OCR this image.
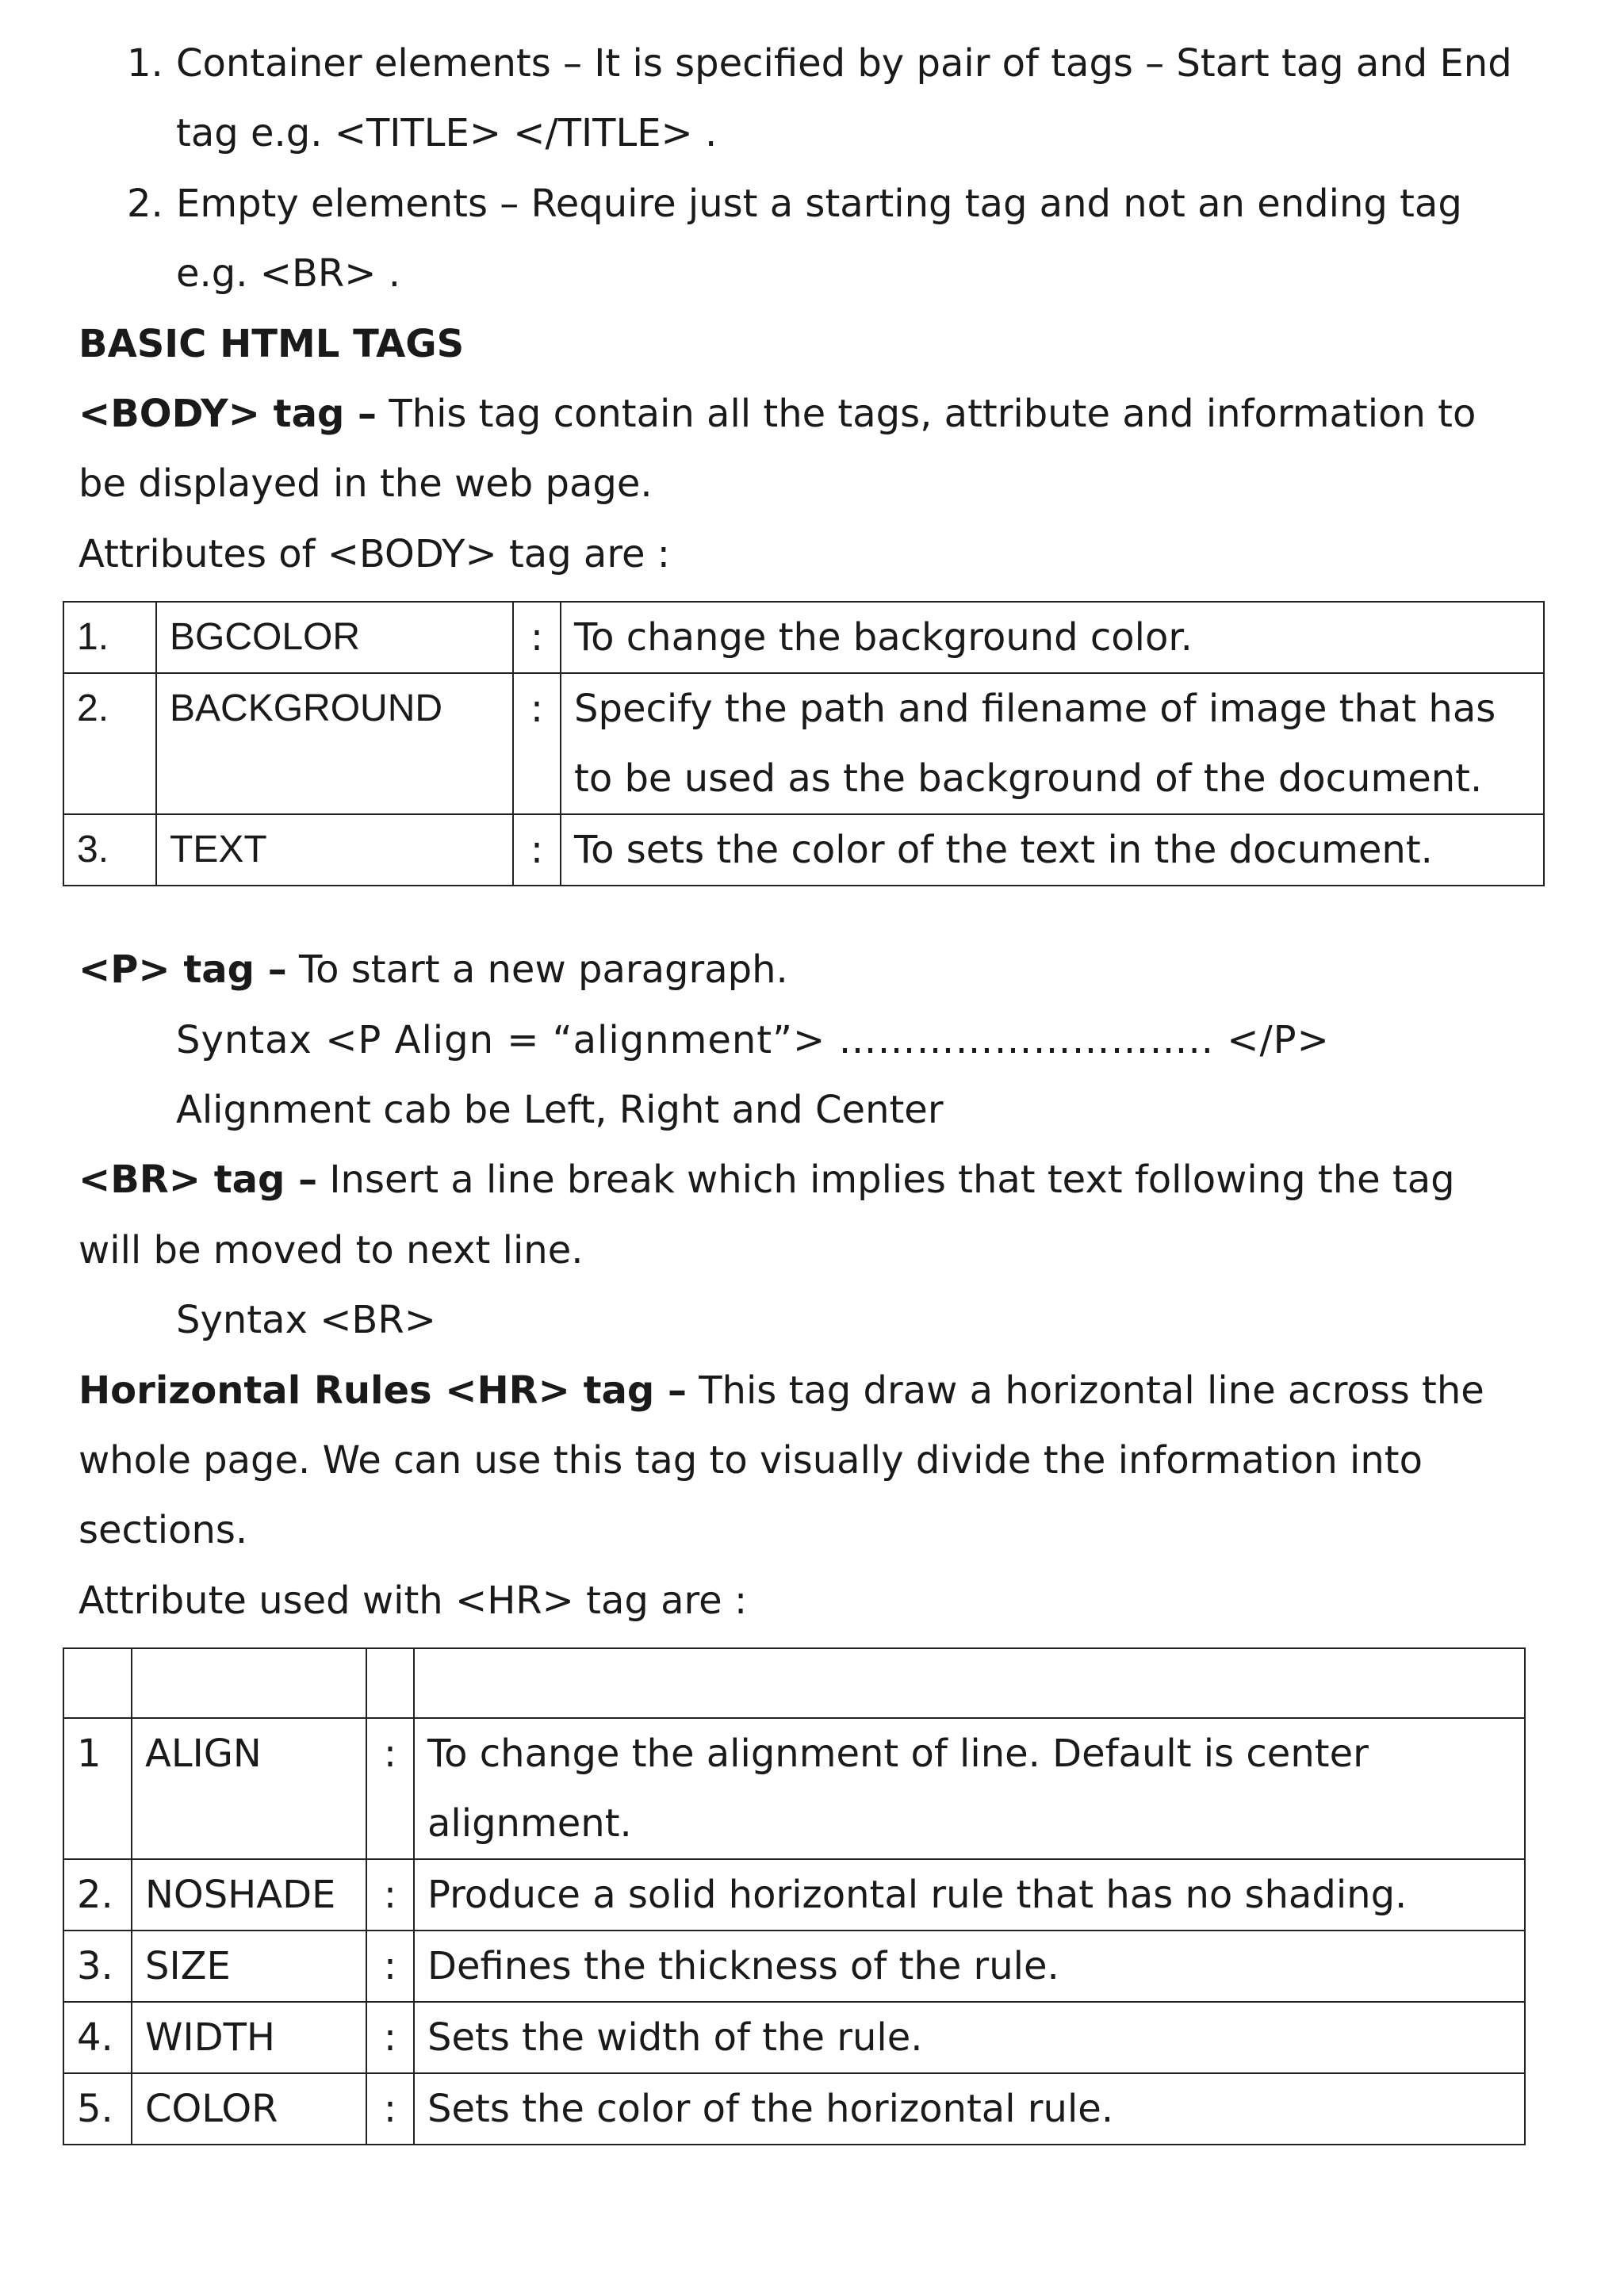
1. Container elements – It is specified by pair of tags – Start tag and End
tag e.g. <TITLE> </TITLE> .
2. Empty elements – Require just a starting tag and not an ending tag
e.g. <BR> .
BASIC HTML TAGS
<BODY> tag – This tag contain all the tags, attribute and information to
be displayed in the web page.
Attributes of <BODY> tag are :
1.	BGCOLOR	:	To change the background color.
2.	BACKGROUND	:	Specify the path and filename of image that has to be used as the background of the document.
3.	TEXT	:	To sets the color of the text in the document.
<P> tag – To start a new paragraph.
Syntax <P Align = “alignment”> ……………………….. </P>
Alignment cab be Left, Right and Center
<BR> tag – Insert a line break which implies that text following the tag
will be moved to next line.
Syntax <BR>
Horizontal Rules <HR> tag – This tag draw a horizontal line across the
whole page. We can use this tag to visually divide the information into
sections.
Attribute used with <HR> tag are :

1	ALIGN	:	To change the alignment of line. Default is center alignment.
2.	NOSHADE	:	Produce a solid horizontal rule that has no shading.
3.	SIZE	:	Defines the thickness of the rule.
4.	WIDTH	:	Sets the width of the rule.
5.	COLOR	:	Sets the color of the horizontal rule.
